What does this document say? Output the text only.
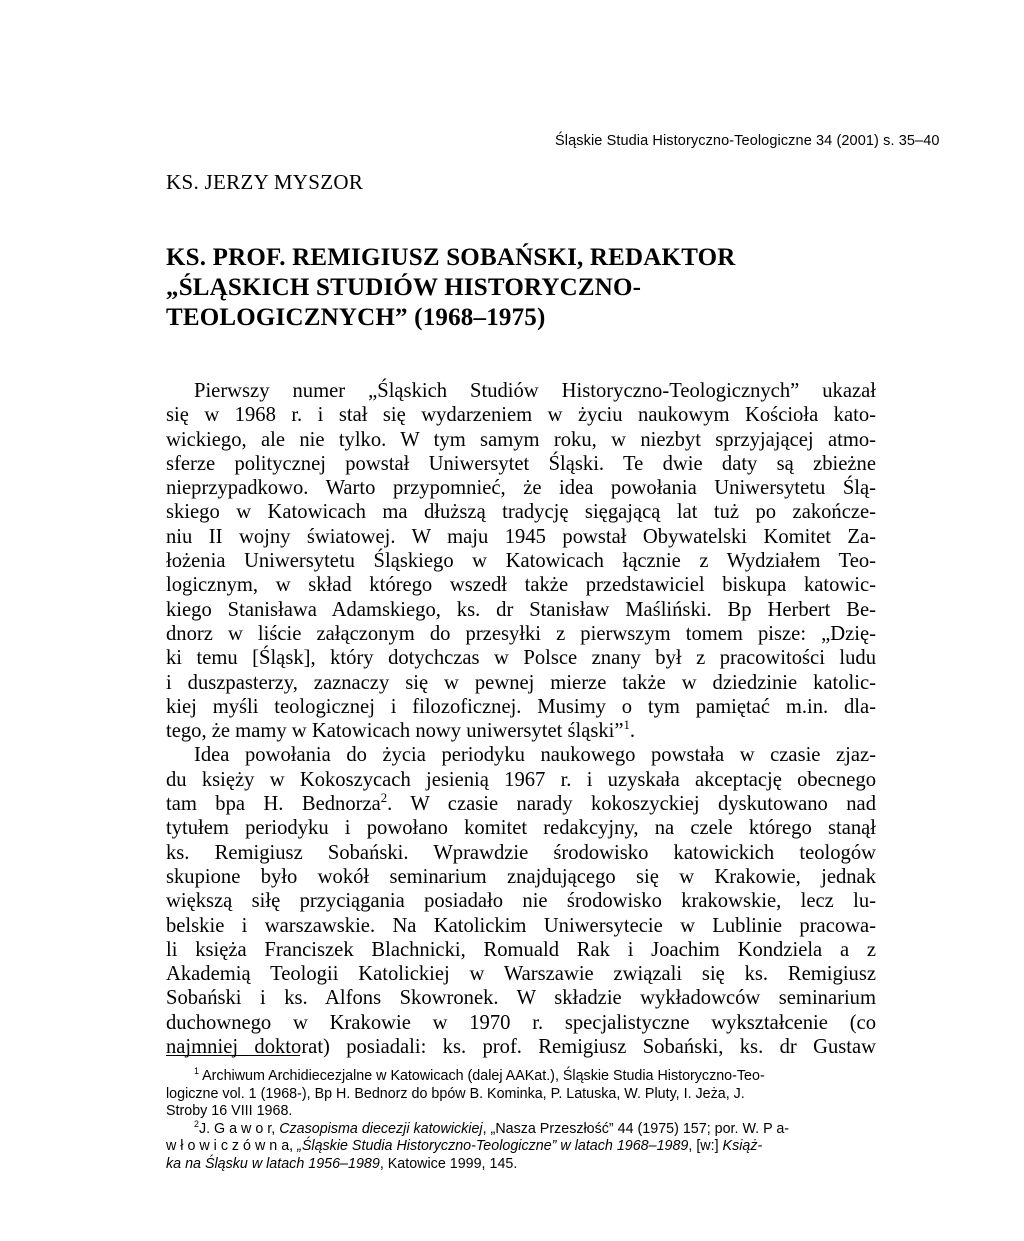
Śląskie Studia Historyczno-Teologiczne 34 (2001) s. 35–40
KS. JERZY MYSZOR
KS. PROF. REMIGIUSZ SOBAŃSKI, REDAKTOR
„ŚLĄSKICH STUDIÓW HISTORYCZNO-
TEOLOGICZNYCH” (1968–1975)
Pierwszy numer „Śląskich Studiów Historyczno-Teologicznych” ukazał
się w 1968 r. i stał się wydarzeniem w życiu naukowym Kościoła kato-
wickiego, ale nie tylko. W tym samym roku, w niezbyt sprzyjającej atmo-
sferze politycznej powstał Uniwersytet Śląski. Te dwie daty są zbieżne
nieprzypadkowo. Warto przypomnieć, że idea powołania Uniwersytetu Ślą-
skiego w Katowicach ma dłuższą tradycję sięgającą lat tuż po zakończe-
niu II wojny światowej. W maju 1945 powstał Obywatelski Komitet Za-
łożenia Uniwersytetu Śląskiego w Katowicach łącznie z Wydziałem Teo-
logicznym, w skład którego wszedł także przedstawiciel biskupa katowic-
kiego Stanisława Adamskiego, ks. dr Stanisław Maśliński. Bp Herbert Be-
dnorz w liście załączonym do przesyłki z pierwszym tomem pisze: „Dzię-
ki temu [Śląsk], który dotychczas w Polsce znany był z pracowitości ludu
i duszpasterzy, zaznaczy się w pewnej mierze także w dziedzinie katolic-
kiej myśli teologicznej i filozoficznej. Musimy o tym pamiętać m.in. dla-
tego, że mamy w Katowicach nowy uniwersytet śląski”$^1$.
Idea powołania do życia periodyku naukowego powstała w czasie zjaz-
du księży w Kokoszycach jesienią 1967 r. i uzyskała akceptację obecnego
tam bpa H. Bednorza$^2$. W czasie narady kokoszyckiej dyskutowano nad
tytułem periodyku i powołano komitet redakcyjny, na czele którego stanął
ks. Remigiusz Sobański. Wprawdzie środowisko katowickich teologów
skupione było wokół seminarium znajdującego się w Krakowie, jednak
większą siłę przyciągania posiadało nie środowisko krakowskie, lecz lu-
belskie i warszawskie. Na Katolickim Uniwersytecie w Lublinie pracowa-
li księża Franciszek Blachnicki, Romuald Rak i Joachim Kondziela a z
Akademią Teologii Katolickiej w Warszawie związali się ks. Remigiusz
Sobański i ks. Alfons Skowronek. W składzie wykładowców seminarium
duchownego w Krakowie w 1970 r. specjalistyczne wykształcenie (co
najmniej doktorat) posiadali: ks. prof. Remigiusz Sobański, ks. dr Gustaw
$^1$ Archiwum Archidiecezjalne w Katowicach (dalej AAKat.), Śląskie Studia Historyczno-Teo-
logiczne vol. 1 (1968-), Bp H. Bednorz do bpów B. Kominka, P. Latuska, W. Pluty, I. Jeża, J.
Stroby 16 VIII 1968.
$^2$J. G a w o r, Czasopisma diecezji katowickiej, „Nasza Przeszłość” 44 (1975) 157; por. W. P a-
w ł o w i c z ó w n a, „Śląskie Studia Historyczno-Teologiczne” w latach 1968–1989, [w:] Książ-
ka na Śląsku w latach 1956–1989, Katowice 1999, 145.
